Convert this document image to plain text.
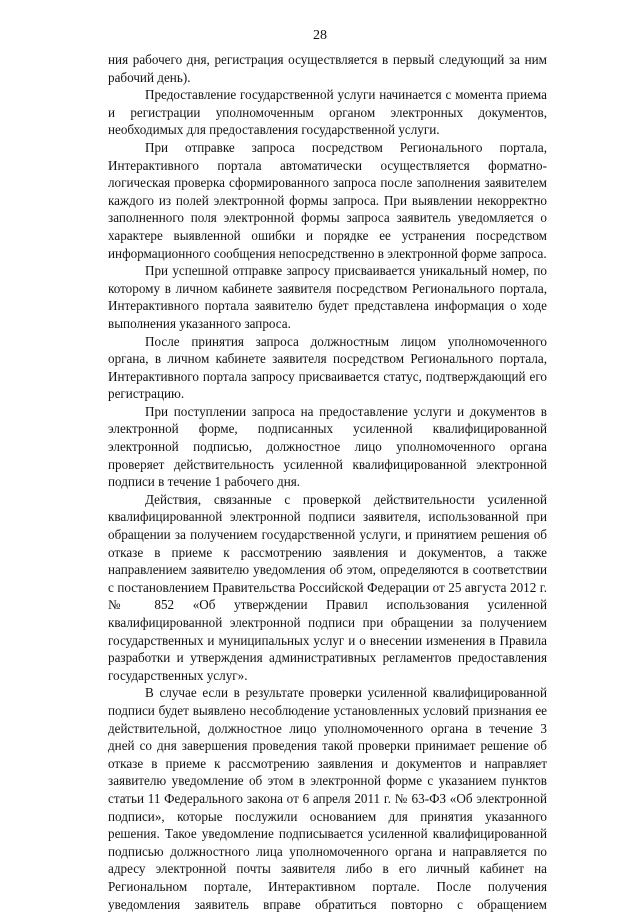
28

ния рабочего дня, регистрация осуществляется в первый следующий за ним рабочий день).

Предоставление государственной услуги начинается с момента приема и регистрации уполномоченным органом электронных документов, необходимых для предоставления государственной услуги.

При отправке запроса посредством Регионального портала, Интерактивного портала автоматически осуществляется форматно-логическая проверка сформированного запроса после заполнения заявителем каждого из полей электронной формы запроса. При выявлении некорректно заполненного поля электронной формы запроса заявитель уведомляется о характере выявленной ошибки и порядке ее устранения посредством информационного сообщения непосредственно в электронной форме запроса.

При успешной отправке запросу присваивается уникальный номер, по которому в личном кабинете заявителя посредством Регионального портала, Интерактивного портала заявителю будет представлена информация о ходе выполнения указанного запроса.

После принятия запроса должностным лицом уполномоченного органа, в личном кабинете заявителя посредством Регионального портала, Интерактивного портала запросу присваивается статус, подтверждающий его регистрацию.

При поступлении запроса на предоставление услуги и документов в электронной форме, подписанных усиленной квалифицированной электронной подписью, должностное лицо уполномоченного органа проверяет действительность усиленной квалифицированной электронной подписи в течение 1 рабочего дня.

Действия, связанные с проверкой действительности усиленной квалифицированной электронной подписи заявителя, использованной при обращении за получением государственной услуги, и принятием решения об отказе в приеме к рассмотрению заявления и документов, а также направлением заявителю уведомления об этом, определяются в соответствии с постановлением Правительства Российской Федерации от 25 августа 2012 г. № 852 «Об утверждении Правил использования усиленной квалифицированной электронной подписи при обращении за получением государственных и муниципальных услуг и о внесении изменения в Правила разработки и утверждения административных регламентов предоставления государственных услуг».

В случае если в результате проверки усиленной квалифицированной подписи будет выявлено несоблюдение установленных условий признания ее действительной, должностное лицо уполномоченного органа в течение 3 дней со дня завершения проведения такой проверки принимает решение об отказе в приеме к рассмотрению заявления и документов и направляет заявителю уведомление об этом в электронной форме с указанием пунктов статьи 11 Федерального закона от 6 апреля 2011 г. № 63-ФЗ «Об электронной подписи», которые послужили основанием для принятия указанного решения. Такое уведомление подписывается усиленной квалифицированной подписью должностного лица уполномоченного органа и направляется по адресу электронной почты заявителя либо в его личный кабинет на Региональном портале, Интерактивном портале. После получения уведомления заявитель вправе обратиться повторно с обращением
